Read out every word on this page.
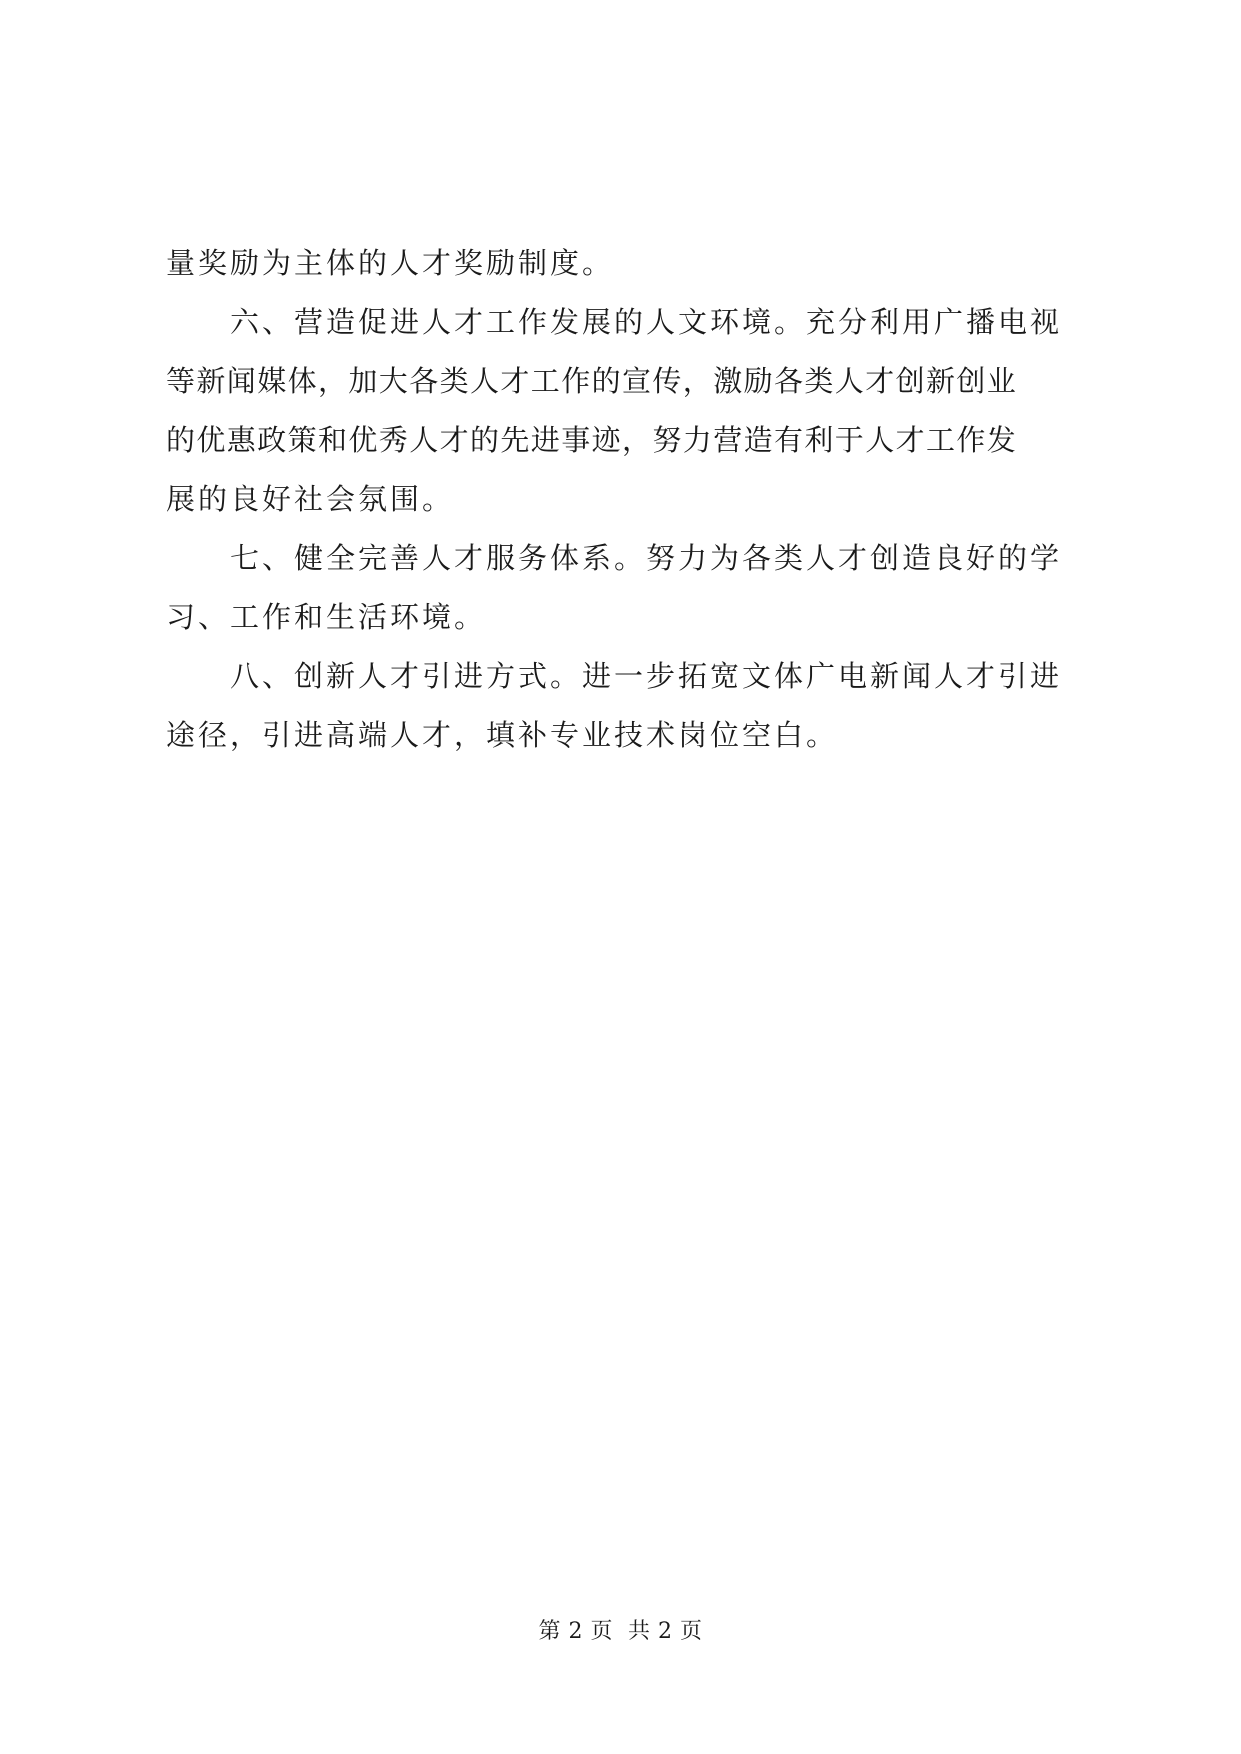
量奖励为主体的人才奖励制度。
六、营造促进人才工作发展的人文环境。充分利用广播电视
等新闻媒体，加大各类人才工作的宣传，激励各类人才创新创业
的优惠政策和优秀人才的先进事迹，努力营造有利于人才工作发
展的良好社会氛围。
七、健全完善人才服务体系。努力为各类人才创造良好的学
习、工作和生活环境。
八、创新人才引进方式。进一步拓宽文体广电新闻人才引进
途径，引进高端人才，填补专业技术岗位空白。
第 2 页  共 2 页
